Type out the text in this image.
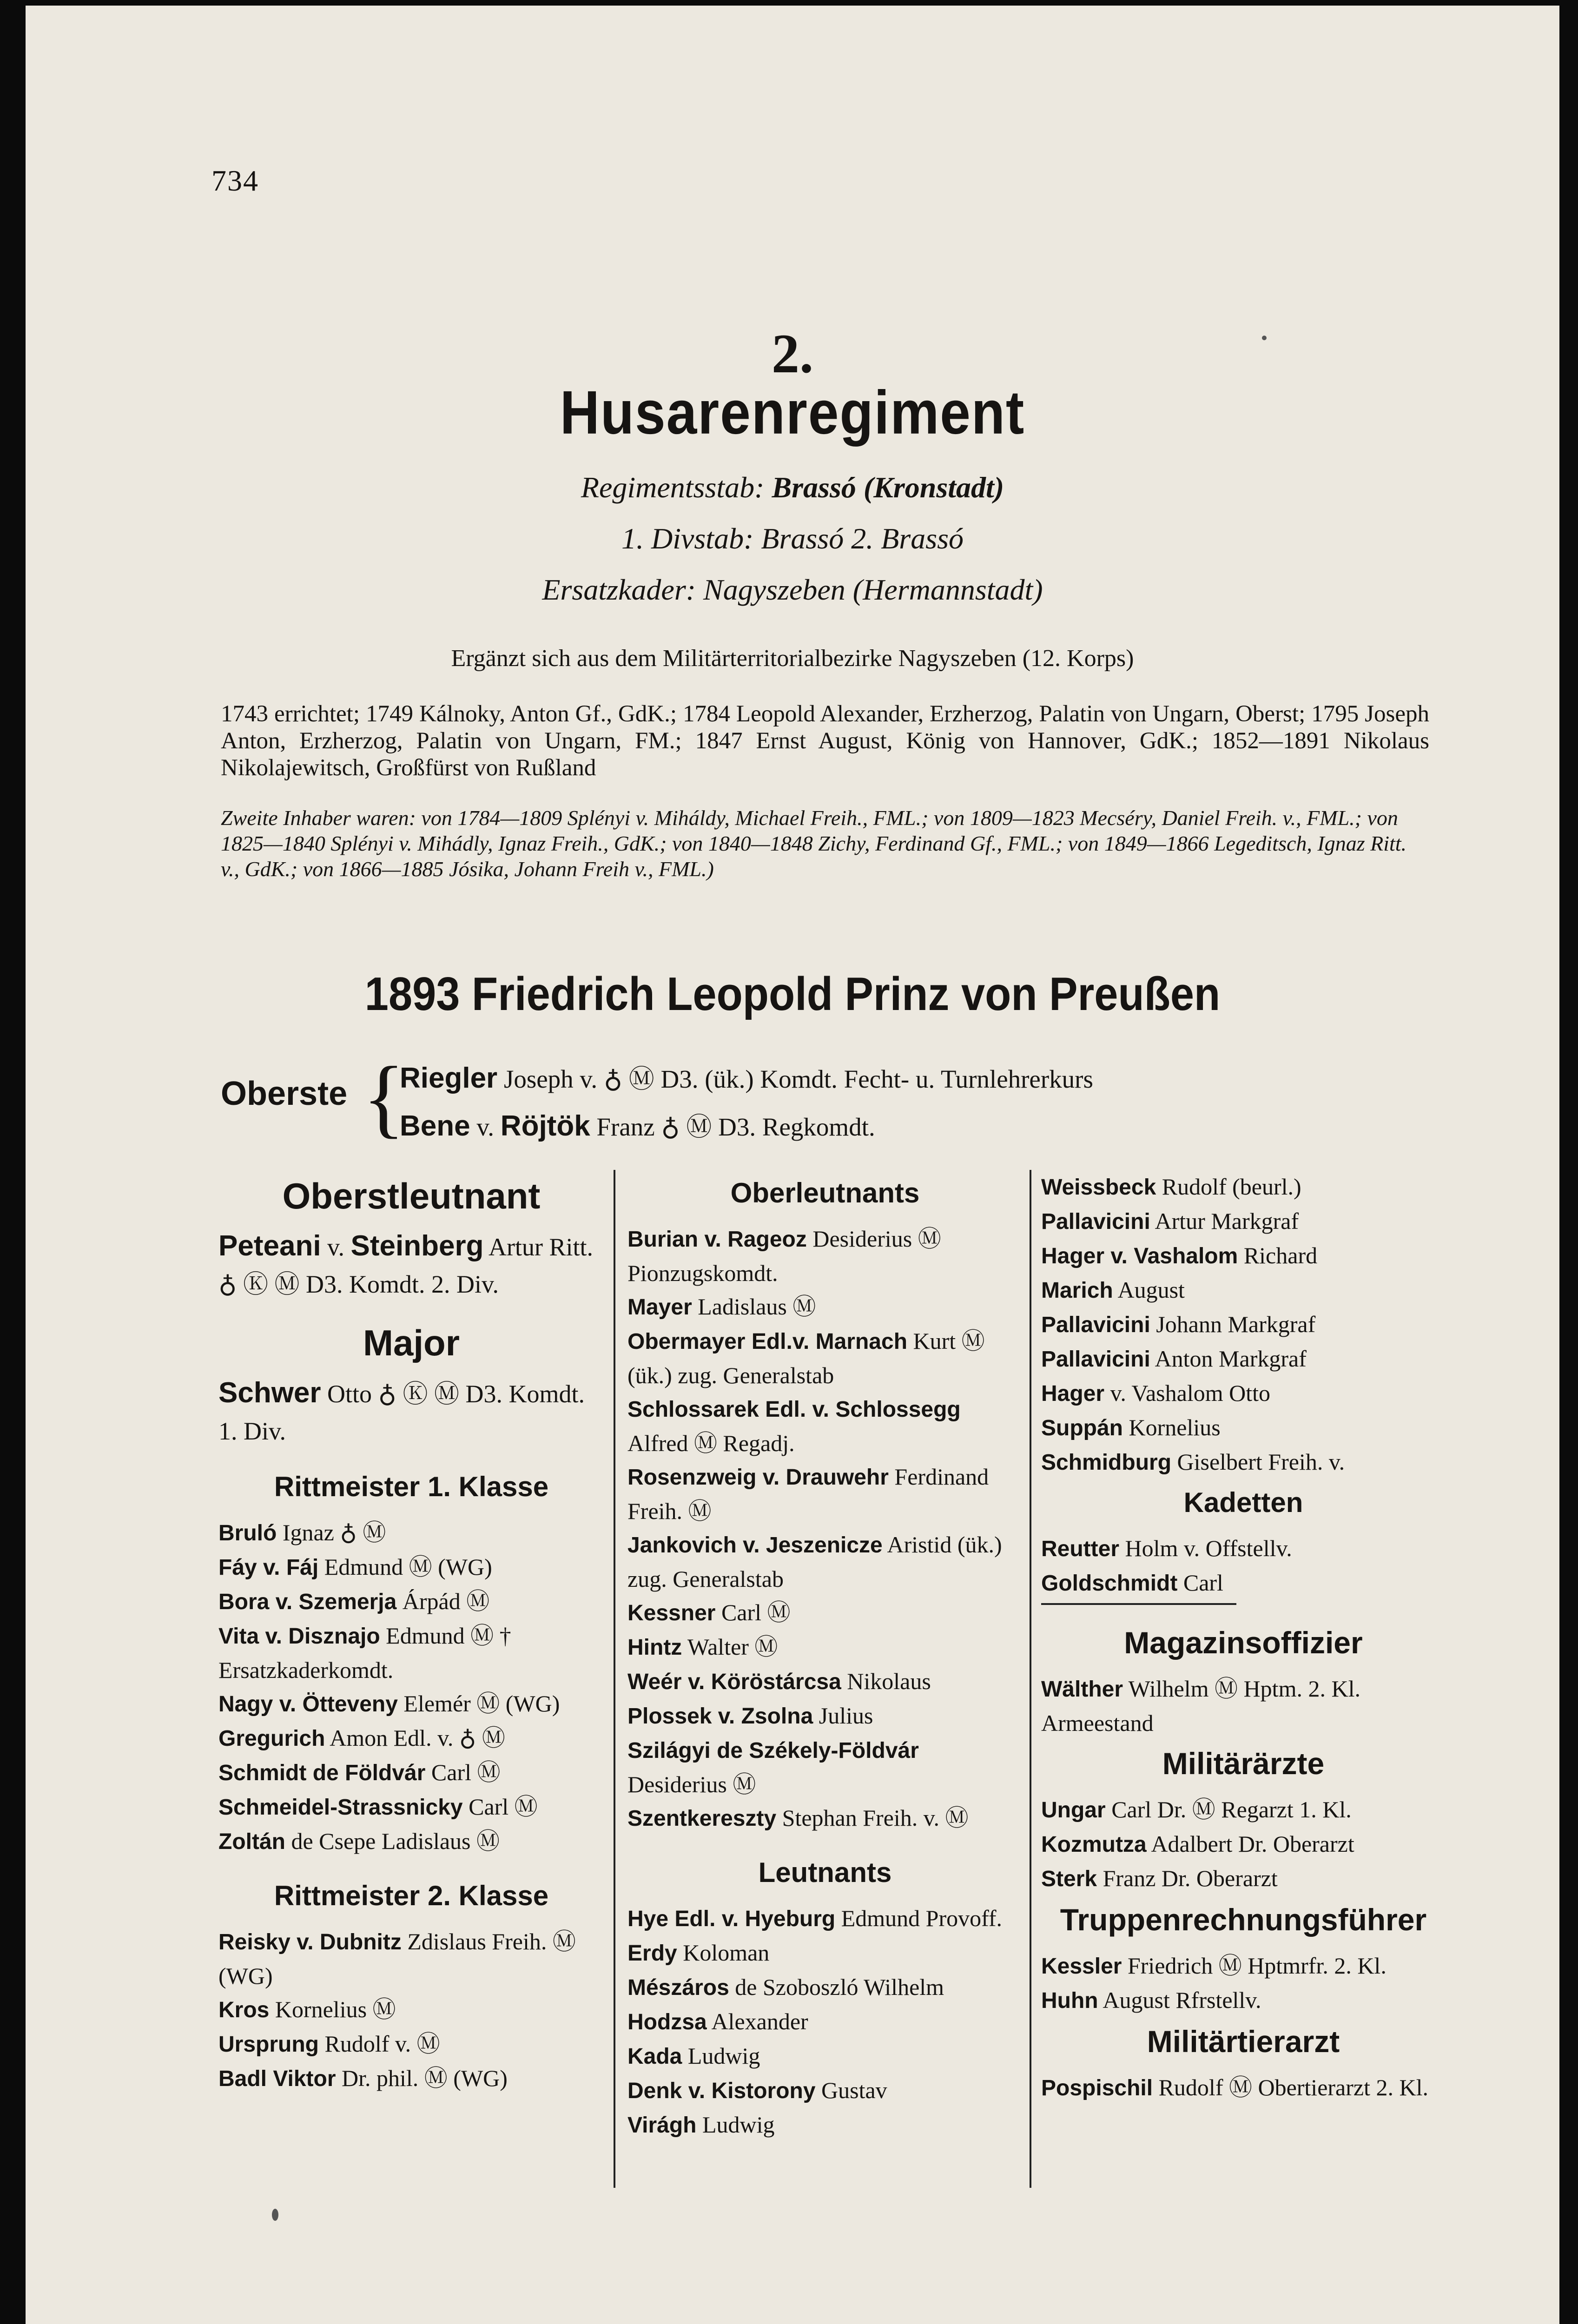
734
2.
Husarenregiment
Regimentsstab: Brassó (Kronstadt)
1. Divstab: Brassó 2. Brassó
Ersatzkader: Nagyszeben (Hermannstadt)
Ergänzt sich aus dem Militärterritorialbezirke Nagyszeben (12. Korps)
1743 errichtet; 1749 Kálnoky, Anton Gf., GdK.; 1784 Leopold Alexander, Erzherzog, Palatin von Ungarn, Oberst; 1795 Joseph Anton, Erzherzog, Palatin von Ungarn, FM.; 1847 Ernst August, König von Hannover, GdK.; 1852—1891 Nikolaus Nikolajewitsch, Großfürst von Rußland
Zweite Inhaber waren: von 1784—1809 Splényi v. Miháldy, Michael Freih., FML.; von 1809—1823 Mecséry, Daniel Freih. v., FML.; von 1825—1840 Splényi v. Mihádly, Ignaz Freih., GdK.; von 1840—1848 Zichy, Ferdinand Gf., FML.; von 1849—1866 Legeditsch, Ignaz Ritt. v., GdK.; von 1866—1885 Jósika, Johann Freih v., FML.)
1893 Friedrich Leopold Prinz von Preußen
Oberste {
Riegler Joseph v. ♁ Ⓜ D3. (ük.) Komdt. Fecht- u. Turnlehrerkurs
Bene v. Röjtök Franz ♁ Ⓜ D3. Regkomdt.
Oberstleutnant
Peteani v. Steinberg Artur Ritt. ♁ Ⓚ Ⓜ D3. Komdt. 2. Div.
Major
Schwer Otto ♁ Ⓚ Ⓜ D3. Komdt. 1. Div.
Rittmeister 1. Klasse
Bruló Ignaz ♁ Ⓜ
Fáy v. Fáj Edmund Ⓜ (WG)
Bora v. Szemerja Árpád Ⓜ
Vita v. Disznajo Edmund Ⓜ † Ersatzkaderkomdt.
Nagy v. Ötteveny Elemér Ⓜ (WG)
Gregurich Amon Edl. v. ♁ Ⓜ
Schmidt de Földvár Carl Ⓜ
Schmeidel-Strassnicky Carl Ⓜ
Zoltán de Csepe Ladislaus Ⓜ
Rittmeister 2. Klasse
Reisky v. Dubnitz Zdislaus Freih. Ⓜ (WG)
Kros Kornelius Ⓜ
Ursprung Rudolf v. Ⓜ
Badl Viktor Dr. phil. Ⓜ (WG)
Oberleutnants
Burian v. Rageoz Desiderius Ⓜ Pionzugskomdt.
Mayer Ladislaus Ⓜ
Obermayer Edl.v. Marnach Kurt Ⓜ (ük.) zug. Generalstab
Schlossarek Edl. v. Schlossegg Alfred Ⓜ Regadj.
Rosenzweig v. Drauwehr Ferdinand Freih. Ⓜ
Jankovich v. Jeszenicze Aristid (ük.) zug. Generalstab
Kessner Carl Ⓜ
Hintz Walter Ⓜ
Weér v. Köröstárcsa Nikolaus
Plossek v. Zsolna Julius
Szilágyi de Székely-Földvár Desiderius Ⓜ
Szentkereszty Stephan Freih. v. Ⓜ
Leutnants
Hye Edl. v. Hyeburg Edmund Provoff.
Erdy Koloman
Mészáros de Szoboszló Wilhelm
Hodzsa Alexander
Kada Ludwig
Denk v. Kistorony Gustav
Virágh Ludwig
Weissbeck Rudolf (beurl.)
Pallavicini Artur Markgraf
Hager v. Vashalom Richard
Marich August
Pallavicini Johann Markgraf
Pallavicini Anton Markgraf
Hager v. Vashalom Otto
Suppán Kornelius
Schmidburg Giselbert Freih. v.
Kadetten
Reutter Holm v. Offstellv.
Goldschmidt Carl
Magazinsoffizier
Wälther Wilhelm Ⓜ Hptm. 2. Kl. Armeestand
Militärärzte
Ungar Carl Dr. Ⓜ Regarzt 1. Kl.
Kozmutza Adalbert Dr. Oberarzt
Sterk Franz Dr. Oberarzt
Truppenrechnungsführer
Kessler Friedrich Ⓜ Hptmrfr. 2. Kl.
Huhn August Rfrstellv.
Militärtierarzt
Pospischil Rudolf Ⓜ Obertierarzt 2. Kl.
